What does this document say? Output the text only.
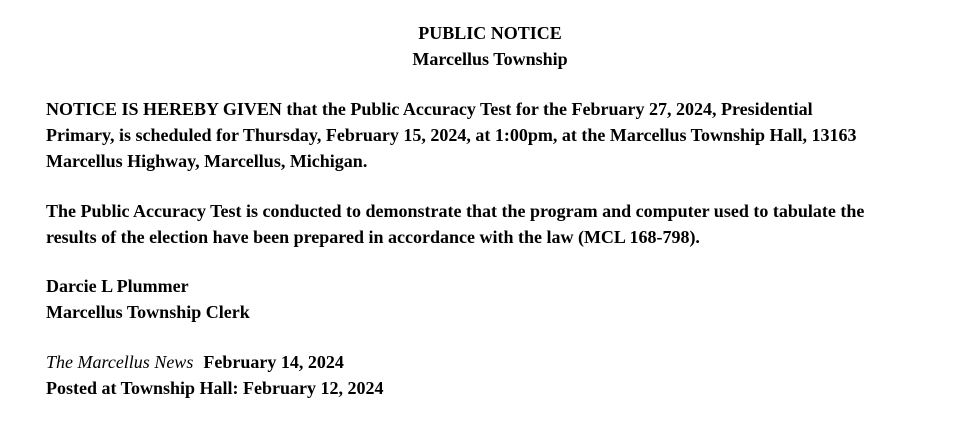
PUBLIC NOTICE
Marcellus Township
NOTICE IS HEREBY GIVEN that the Public Accuracy Test for the February 27, 2024, Presidential
Primary, is scheduled for Thursday, February 15, 2024, at 1:00pm, at the Marcellus Township Hall, 13163
Marcellus Highway, Marcellus, Michigan.
The Public Accuracy Test is conducted to demonstrate that the program and computer used to tabulate the
results of the election have been prepared in accordance with the law (MCL 168-798).
Darcie L Plummer
Marcellus Township Clerk
The Marcellus News February 14, 2024
Posted at Township Hall: February 12, 2024
